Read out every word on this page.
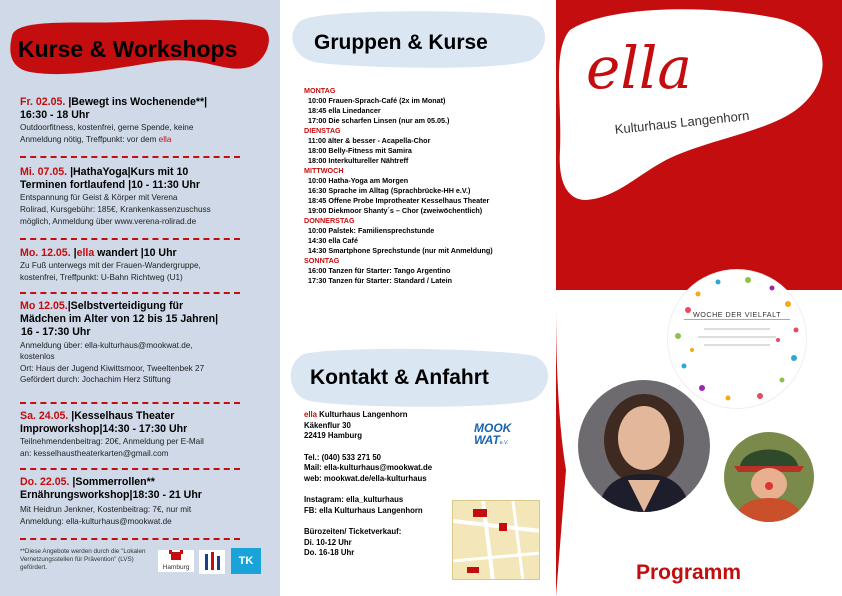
Kurse & Workshops
Fr. 02.05. |Bewegt ins Wochenende**|
16:30 - 18 Uhr
Outdoorfitness, kostenfrei, gerne Spende, keine
Anmeldung nötig, Treffpunkt: vor dem ella
Mi. 07.05. |HathaYoga|Kurs mit 10
Terminen fortlaufend |10 - 11:30 Uhr
Entspannung für Geist & Körper mit Verena
Rolirad, Kursgebühr: 185€, Krankenkassenzuschuss
möglich, Anmeldung über www.verena-rolirad.de
Mo. 12.05. |ella wandert |10 Uhr
Zu Fuß unterwegs mit der Frauen-Wandergruppe,
kostenfrei, Treffpunkt: U-Bahn Richtweg (U1)
Mo 12.05.|Selbstverteidigung für
Mädchen im Alter von 12 bis 15 Jahren|
16 - 17:30 Uhr
Anmeldung über: ella-kulturhaus@mookwat.de,
kostenlos
Ort: Haus der Jugend Kiwittsmoor, Tweeltenbek 27
Gefördert durch: Jochachim Herz Stiftung
Sa. 24.05. |Kesselhaus Theater
Improworkshop|14:30 - 17:30 Uhr
Teilnehmendenbeitrag: 20€, Anmeldung per E-Mail
an: kesselhaustheaterkarten@gmail.com
Do. 22.05. |Sommerrollen**
Ernährungsworkshop|18:30 - 21 Uhr
Mit Heidrun Jenkner, Kostenbeitrag: 7€, nur mit
Anmeldung: ella-kulturhaus@mookwat.de
**Diese Angebote werden durch die "Lokalen Vernetzungsstellen für Prävention" (LVS) gefördert.	Hamburg
TK
Gruppen & Kurse
MONTAG
10:00 Frauen-Sprach-Café (2x im Monat)
18:45 ella Linedancer
17:00 Die scharfen Linsen (nur am 05.05.)
DIENSTAG
11:00 älter & besser - Acapella-Chor
18:00 Belly-Fitness mit Samira
18:00 Interkultureller Nähtreff
MITTWOCH
10:00 Hatha-Yoga am Morgen
16:30 Sprache im Alltag (Sprachbrücke-HH e.V.)
18:45 Offene Probe Improtheater Kesselhaus Theater
19:00 Diekmoor Shanty´s – Chor (zweiwöchentlich)
DONNERSTAG
10:00 Palstek: Familiensprechstunde
14:30 ella Café
14:30 Smartphone Sprechstunde (nur mit Anmeldung)
SONNTAG
16:00 Tanzen für Starter: Tango Argentino
17:30 Tanzen für Starter: Standard / Latein
Kontakt & Anfahrt
ella Kulturhaus Langenhorn
Käkenflur 30
22419 Hamburg
Tel.: (040) 533 271 50
Mail: ella-kulturhaus@mookwat.de
web: mookwat.de/ella-kulturhaus
Instagram: ella_kulturhaus
FB: ella Kulturhaus Langenhorn
Bürozeiten/ Ticketverkauf:
Di. 10-12 Uhr
Do. 16-18 Uhr
MOOK
WATe.V.
ella
Kulturhaus Langenhorn
Mai
WOCHE DER VIELFALT
Programm
